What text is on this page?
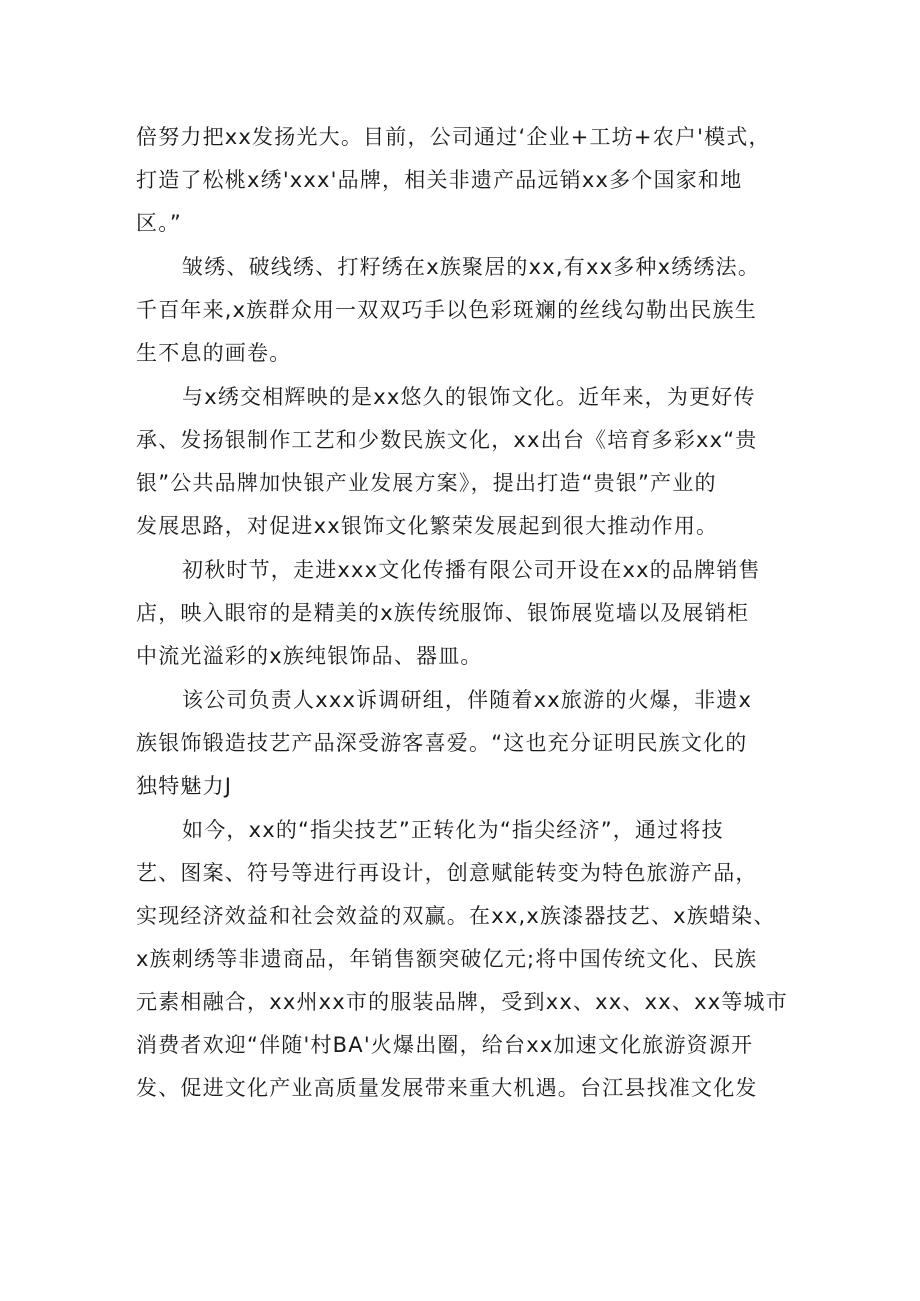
倍努力把xx发扬光大。目前，公司通过‘企业+工坊+农户'模式，
打造了松桃x绣'xxx'品牌，相关非遗产品远销xx多个国家和地
区。”
皱绣、破线绣、打籽绣在x族聚居的xx,有xx多种x绣绣法。
千百年来,x族群众用一双双巧手以色彩斑斓的丝线勾勒出民族生
生不息的画卷。
与x绣交相辉映的是xx悠久的银饰文化。近年来，为更好传
承、发扬银制作工艺和少数民族文化，xx出台《培育多彩xx“贵
银”公共品牌加快银产业发展方案》，提出打造“贵银”产业的
发展思路，对促进xx银饰文化繁荣发展起到很大推动作用。
初秋时节，走进xxx文化传播有限公司开设在xx的品牌销售
店，映入眼帘的是精美的x族传统服饰、银饰展览墙以及展销柜
中流光溢彩的x族纯银饰品、器皿。
该公司负责人xxx诉调研组，伴随着xx旅游的火爆，非遗x
族银饰锻造技艺产品深受游客喜爱。“这也充分证明民族文化的
独特魅力J
如今，xx的“指尖技艺”正转化为“指尖经济”，通过将技
艺、图案、符号等进行再设计，创意赋能转变为特色旅游产品，
实现经济效益和社会效益的双赢。在xx,x族漆器技艺、x族蜡染、
x族刺绣等非遗商品，年销售额突破亿元;将中国传统文化、民族
元素相融合，xx州xx市的服装品牌，受到xx、xx、xx、xx等城市
消费者欢迎“伴随'村BA'火爆出圈，给台xx加速文化旅游资源开
发、促进文化产业高质量发展带来重大机遇。台江县找准文化发
